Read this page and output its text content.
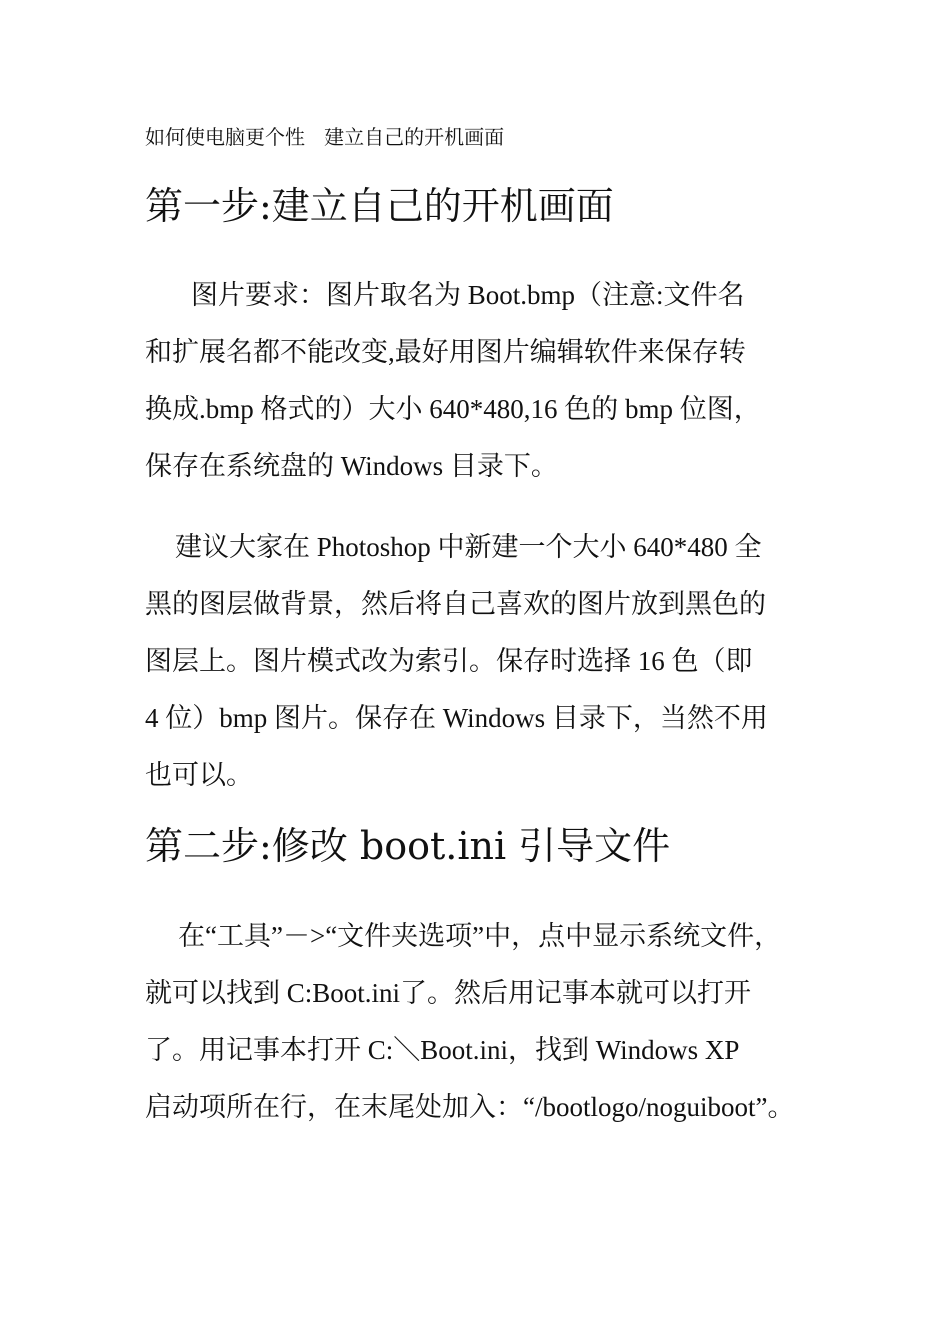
如何使电脑更个性   建立自己的开机画面
第一步:建立自己的开机画面
图片要求：图片取名为 Boot.bmp（注意:文件名
和扩展名都不能改变,最好用图片编辑软件来保存转
换成.bmp 格式的）大小 640*480,16 色的 bmp 位图，
保存在系统盘的 Windows 目录下。
建议大家在 Photoshop 中新建一个大小 640*480 全
黑的图层做背景，然后将自己喜欢的图片放到黑色的
图层上。图片模式改为索引。保存时选择 16 色（即
4 位）bmp 图片。保存在 Windows 目录下，当然不用
也可以。
第二步:修改 boot.ini 引导文件
在“工具”－>“文件夹选项”中，点中显示系统文件，
就可以找到 C:Boot.ini了。然后用记事本就可以打开
了。用记事本打开 C:＼Boot.ini，找到 Windows XP
启动项所在行，在末尾处加入：“/bootlogo/noguiboot”。
